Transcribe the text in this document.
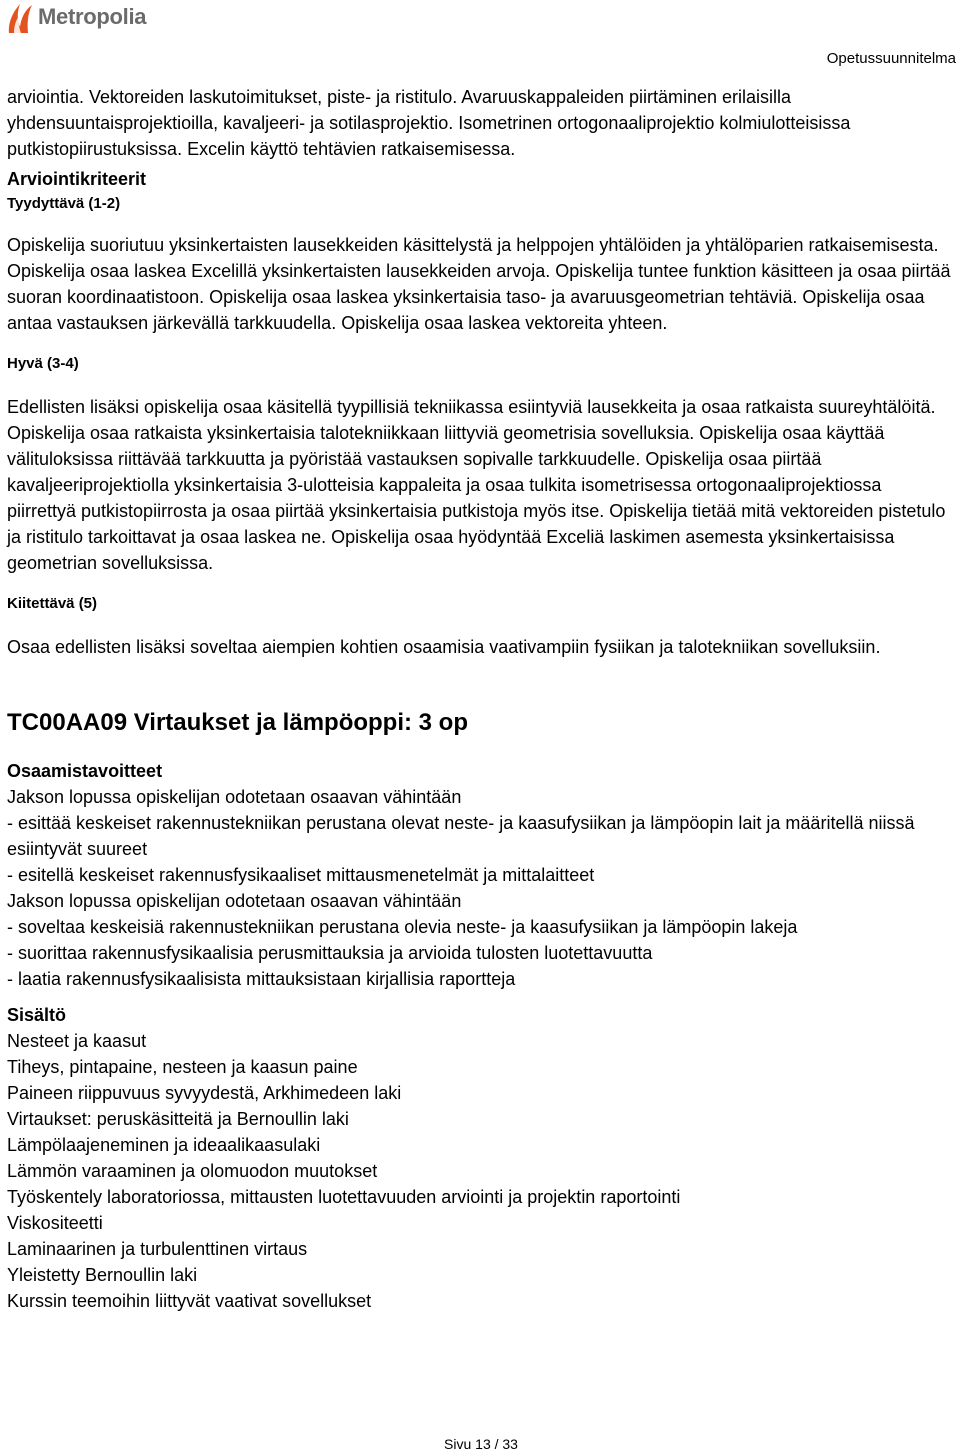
Metropolia
Opetussuunnitelma

arviointia. Vektoreiden laskutoimitukset, piste- ja ristitulo. Avaruuskappaleiden piirtäminen erilaisilla yhdensuuntaisprojektioilla, kavaljeeri- ja sotilasprojektio. Isometrinen ortogonaaliprojektio kolmiulotteisissa putkistopiirustuksissa. Excelin käyttö tehtävien ratkaisemisessa.

Arviointikriteerit
Tyydyttävä (1-2)

Opiskelija suoriutuu yksinkertaisten lausekkeiden käsittelystä ja helppojen yhtälöiden ja yhtälöparien ratkaisemisesta. Opiskelija osaa laskea Excelillä yksinkertaisten lausekkeiden arvoja. Opiskelija tuntee funktion käsitteen ja osaa piirtää suoran koordinaatistoon. Opiskelija osaa laskea yksinkertaisia taso- ja avaruusgeometrian tehtäviä. Opiskelija osaa antaa vastauksen järkevällä tarkkuudella. Opiskelija osaa laskea vektoreita yhteen.

Hyvä (3-4)

Edellisten lisäksi opiskelija osaa käsitellä tyypillisiä tekniikassa esiintyviä lausekkeita ja osaa ratkaista suureyhtälöitä. Opiskelija osaa ratkaista yksinkertaisia talotekniikkaan liittyviä geometrisia sovelluksia. Opiskelija osaa käyttää välituloksissa riittävää tarkkuutta ja pyöristää vastauksen sopivalle tarkkuudelle. Opiskelija osaa piirtää kavaljeeriprojektiolla yksinkertaisia 3-ulotteisia kappaleita ja osaa tulkita isometrisessa ortogonaaliprojektiossa piirrettyä putkistopiirrosta ja osaa piirtää yksinkertaisia putkistoja myös itse. Opiskelija tietää mitä vektoreiden pistetulo ja ristitulo tarkoittavat ja osaa laskea ne. Opiskelija osaa hyödyntää Exceliä laskimen asemesta yksinkertaisissa geometrian sovelluksissa.

Kiitettävä (5)

Osaa edellisten lisäksi soveltaa aiempien kohtien osaamisia vaativampiin fysiikan ja talotekniikan sovelluksiin.

TC00AA09 Virtaukset ja lämpöoppi: 3 op
Osaamistavoitteet

Jakson lopussa opiskelijan odotetaan osaavan vähintään

- esittää keskeiset rakennustekniikan perustana olevat neste- ja kaasufysiikan ja lämpöopin lait ja määritellä niissä esiintyvät suureet

- esitellä keskeiset rakennusfysikaaliset mittausmenetelmät ja mittalaitteet

Jakson lopussa opiskelijan odotetaan osaavan vähintään

- soveltaa keskeisiä rakennustekniikan perustana olevia neste- ja kaasufysiikan ja lämpöopin lakeja

- suorittaa rakennusfysikaalisia perusmittauksia ja arvioida tulosten luotettavuutta

- laatia rakennusfysikaalisista mittauksistaan kirjallisia raportteja

Sisältö

Nesteet ja kaasut

Tiheys, pintapaine, nesteen ja kaasun paine

Paineen riippuvuus syvyydestä, Arkhimedeen laki

Virtaukset: peruskäsitteitä ja Bernoullin laki

Lämpölaajeneminen ja ideaalikaasulaki

Lämmön varaaminen ja olomuodon muutokset

Työskentely laboratoriossa, mittausten luotettavuuden arviointi ja projektin raportointi

Viskositeetti

Laminaarinen ja turbulenttinen virtaus

Yleistetty Bernoullin laki

Kurssin teemoihin liittyvät vaativat sovellukset

Sivu 13 / 33
